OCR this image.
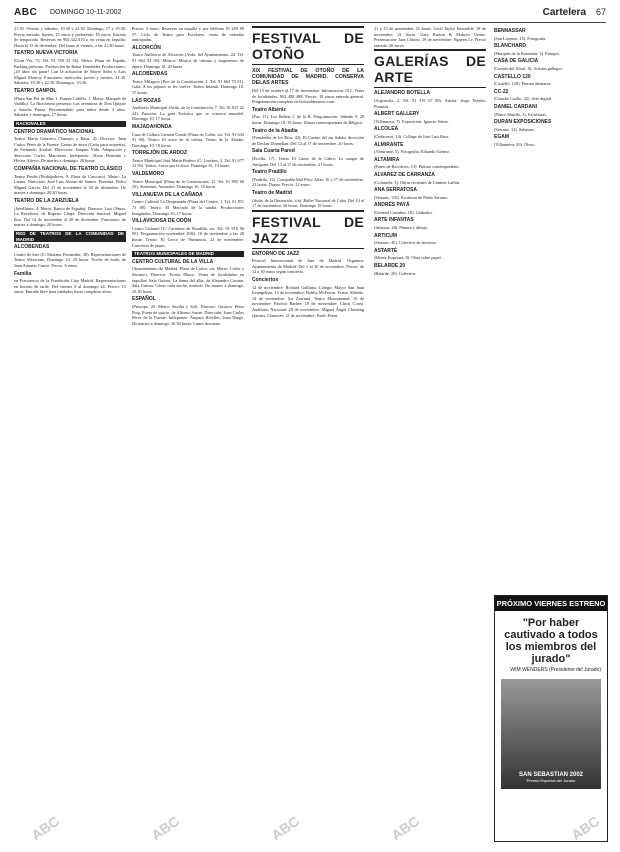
ABC DOMINGO 10-11-2002	Cartelera 67

21.30. Viernes y sábados, 19.30 y 22.30. Domingo, 17 y 19.30. Precio entrada: Jueves, 15 euros y preferente: 18 euros. Estreno de temporada. Reservas en 902.322.410 o en venta en taquilla. Hasta el 15 de diciembre. Del lunes al viernes, a las 21.30 horas.

TEATRO NUEVA VICTORIA

(Gran Vía, 72. Tel. 91 559 32 36). Metro: Plaza de España. Parking próximo. Producción de Reina Fernández Producciones: ¡20 años sin parar! Con la actuación de Mayte Sales y Luis Miguel Monroy. Funciones: miércoles, jueves y viernes, 21.30. Sábados, 19.30 y 22.30. Domingos, 19.30.

TEATRO SANPOL

(Plaza San Pol de Mar, 1. Fuente Cubillo, 1. Metro: Marqués de Vadillo). La Bicicletera presenta: Las aventuras de Don Quijote y Sancho Panza. Recomendado para niños desde 4 años. Sábados y domingos, 17 horas.

NACIONALES
CENTRO DRAMÁTICO NACIONAL

Teatro María Guerrero (Tamayo y Baus, 4). Director: Juan Carlos Pérez de la Fuente. Cartas de amor (Carta para orquesta), de Fernando Arrabal. Dirección: Joaquín Vida. Adaptación y dirección: Carlos Marchena. Intérpretes: Alicia Hermida y Hector Alterio. De martes a domingo, 20 horas.

COMPAÑÍA NACIONAL DE TEATRO CLÁSICO

Teatro Pavón (Embajadores, 9. Plaza de Cascorro). Metro: La Latina. Dirección: José Luis Alonso de Santos. Presenta: Pedro Miguel García. Del 15 de noviembre al 30 de diciembre. De martes a domingo, 20.30 horas.

TEATRO DE LA ZARZUELA

(Jovellanos, 4. Metro: Banco de España). Director: Luis Olmos. La Revoltosa, de Ruperto Chapí. Dirección musical: Miguel Roa. Del 14 de noviembre al 28 de diciembre. Funciones: de martes a domingo, 20 horas.

RED DE TEATROS DE LA COMUNIDAD DE MADRID
ALCOBENDAS

Centro de Arte (C/ Mariano Fernández, 38). Representaciones de Teatro Mexicano. Domingo 10, 20 horas: Noche de boda, de Juan Antonio Castro. Precio: 6 euros.

Familia

en Frecuencia de la Fundación Caja Madrid. Representaciones en horario de tarde. Del viernes 8 al domingo 24. Precio: 15 euros. Entrada libre para jubilados hasta completar aforo.

Precio: 5 euros. Reservas en taquilla y por teléfono 91 659 09 57. Ciclo de Teatro para Escolares, venta de entradas anticipadas.

ALCORCÓN

Teatro Auditorio de Alcorcón (Avda. del Ayuntamiento, 22. Tel. 91 664 84 00). Música: Música de cámara y fragmentos de ópera. Domingo 10, 20 horas.

ALCOBENDAS

Teatro Milagros (Pza. de la Constitución, 1. Tel. 91 663 70 01). Gala: A los pájaros se les vuelve. Teatro Infantil. Domingo 10, 17 horas.

LAS ROZAS

Auditorio Municipal (Avda. de la Constitución, 7. Tel. 91 637 22 44). Función: La guía Turística que se conozca mundial. Domingo 10, 17 horas.

MAJADAHONDA

Casa de Cultura Carmen Conde (Plaza de Colón, s/n. Tel. 91 634 91 00). Teatro: El actor de la sofista. Teatro de la Abadía. Domingo 10, 18 horas.

TORREJÓN DE ARDOZ

Teatro Municipal José María Rodero (C/ Londres, 3. Tel. 91 677 23 56). Teatro: Lorca por la ética. Domingo 10, 19 horas.

VALDEMORO

Teatro Municipal (Plaza de la Constitución, 11. Tel. 91 895 66 33). Sinfonías: Animales. Domingo 10, 18 horas.

VILLANUEVA DE LA CAÑADA

Centro Cultural La Despernada (Plaza del Centro, 1. Tel. 91 811 73 00). Teatro: El Mercado de la sandía. Producciones Imaginales. Domingo 10, 17 horas.

VILLAVICIOSA DE ODÓN

Centro Cultural (C/ Carretera de Boadilla, s/n. Tel. 91 616 96 00). Programación noviembre 2002. 16 de noviembre a las 20 horas: Teatro: El Cerco de Numancia. 22 de noviembre: Concierto de piano.

TEATROS MUNICIPALES DE MADRID
CENTRO CULTURAL DE LA VILLA

(Ayuntamiento de Madrid. Plaza de Colón, s/n. Metro: Colón y Serrano). Director: Tomás Marco. Venta de localidades en taquillas. Sala Guirau: La dama del alba, de Alejandro Casona. Sala Guirau: Cómo cada noche, musical. De martes a domingo, 20.30 horas.

ESPAÑOL

(Príncipe, 25. Metro: Sevilla y Sol). Director: Gustavo Pérez Puig. Fuera de quicio, de Alfonso Sastre. Dirección: Juan Carlos Pérez de la Fuente. Intérpretes: Amparo Rivelles, Juan Diego. De martes a domingo, 20.30 horas. Lunes descanso.

FESTIVAL DE OTOÑO
XIX FESTIVAL DE OTOÑO DE LA COMUNIDAD DE MADRID. CONSERVA DELAS ARTES

Del 15 de octubre al 17 de noviembre. Información: 012. Venta de localidades: 902 488 488. Precio: 18 euros entrada general. Programación completa en festivaldeotono.com.

Teatro Albéniz

(Paz, 11). Les Ballets C de la B. Programación: Sábado 9, 20 horas. Domingo 10, 19 horas. Danza contemporánea de Bélgica.

Teatro de la Abadía

(Fernández de los Ríos, 42). El Cuento del zar Saltán, dirección de Declan Donnellan. Del 12 al 17 de noviembre, 20 horas.

Sala Cuarta Pared

(Ercilla, 17). Teatro El Canto de la Cabra: La sangre de Antígona. Del 13 al 17 de noviembre, 21 horas.

Teatro Pradillo

(Pradillo, 12). Compañía Mal Pelo: Atlas. 16 y 17 de noviembre, 21 horas. Danza. Precio: 12 euros.

Teatro de Madrid

(Avda. de la Ilustración, s/n). Ballet Nacional de Cuba. Del 14 al 17 de noviembre, 20 horas. Domingo 19 horas.

FESTIVAL DE JAZZ
ENTORNO DE JAZZ

Festival Internacional de Jazz de Madrid. Organiza: Ayuntamiento de Madrid. Del 1 al 30 de noviembre. Precio: de 12 a 30 euros según concierto.

Conciertos

12 de noviembre: Richard Galliano. Colegio Mayor San Juan Evangelista. 13 de noviembre: Bobby McFerrin. Teatro Albéniz. 14 de noviembre: Joe Zawinul. Teatro Monumental. 16 de noviembre: Patricia Barber. 18 de noviembre: Chick Corea. Auditorio Nacional. 20 de noviembre: Miguel Ángel Chastang Quintet. Clamores. 21 de noviembre: Paolo Fresu.

21 y 15 de noviembre, 21 horas. Cecil Taylor Ensemble. 18 de noviembre, 21 horas. Gary Burton & Makoto Ozone. Presentación: Jazz Clásico. 19 de noviembre: Nguyen Le. Precio entrada: 20 euros.

GALERÍAS DE ARTE
ALEJANDRO BOTELLA

(Argensola, 2. Tel. 91 319 67 89). Artista: Jorge Tejedor. Pinturas.

ALBERT GALLERY

(Villanueva, 7). Exposición: Ignacio Sáenz.

ALCOLEA

(Cedaceros, 14). Collage de José Luis Ruiz.

ALMIRANTE

(Almirante, 5). Fotografía: Eduardo Gómez.

ALTAMIRA

(Paseo de Recoletos, 13). Pintura contemporánea.

ALVAREZ DE CARRANZA

(Columela, 3). Obras recientes de Carmen Laffón.

ANA SERRATOSA

(Serrano, 116). Escultura de Pablo Serrano.

ANDRÉS PAYÁ

(General Castaños, 10). Grabados.

ARTE INFANTAS

(Infantas, 28). Pintura y dibujo.

ARTICUM

(Serrano, 45). Colectiva de invierno.

ASTARTÉ

(Monte Esquinza, 8). Obra sobre papel.

BELARDE 20

(Belarde, 20). Colectiva.

BENNASSAR

(San Lorenzo, 15). Fotografía.

BLANCHARD

(Marqués de la Ensenada, 2). Paisajes.

CASA DE GALICIA

(Casado del Alisal, 8). Artistas gallegos.

CASTELLO 120

(Castelló, 120). Pintura abstracta.

CC-22

(Claudio Coello, 22). Arte digital.

DANIEL CARDANI

(Pintor Murillo, 3). Esculturas.

DURAN EXPOSICIONES

(Serrano, 12). Subastas.

EGAM

(Villanueva, 29). Óleos.

PRÓXIMO VIERNES ESTRENO
"Por haber cautivado a todos los miembros del jurado"
WIM WENDERS (Presidente del Jurado)
SAN SEBASTIAN 2002
Premio Especial del Jurado
ABC	ABC	ABC	ABC	ABC
